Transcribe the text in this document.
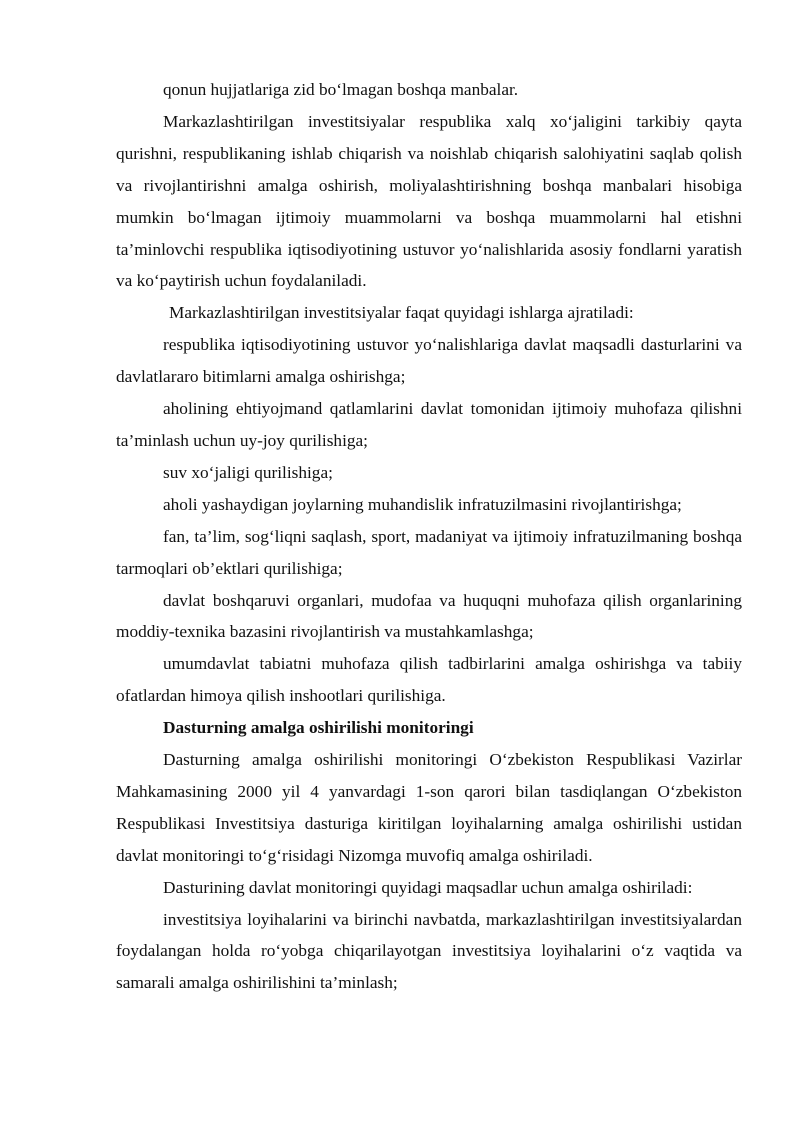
qonun hujjatlariga zid bo‘lmagan boshqa manbalar.

Markazlashtirilgan investitsiyalar respublika xalq xo‘jaligini tarkibiy qayta qurishni, respublikaning ishlab chiqarish va noishlab chiqarish salohiyatini saqlab qolish va rivojlantirishni amalga oshirish, moliyalashtirishning boshqa manbalari hisobiga mumkin bo‘lmagan ijtimoiy muammolarni va boshqa muammolarni hal etishni ta’minlovchi respublika iqtisodiyotining ustuvor yo‘nalishlarida asosiy fondlarni yaratish va ko‘paytirish uchun foydalaniladi.

Markazlashtirilgan investitsiyalar faqat quyidagi ishlarga ajratiladi:

respublika iqtisodiyotining ustuvor yo‘nalishlariga davlat maqsadli dasturlarini va davlatlararo bitimlarni amalga oshirishga;

aholining ehtiyojmand qatlamlarini davlat tomonidan ijtimoiy muhofaza qilishni ta’minlash uchun uy-joy qurilishiga;

suv xo‘jaligi qurilishiga;

aholi yashaydigan joylarning muhandislik infratuzilmasini rivojlantirishga;

fan, ta’lim, sog‘liqni saqlash, sport, madaniyat va ijtimoiy infratuzilmaning boshqa tarmoqlari ob’ektlari qurilishiga;

davlat boshqaruvi organlari, mudofaa va huquqni muhofaza qilish organlarining moddiy-texnika bazasini rivojlantirish va mustahkamlashga;

umumdavlat tabiatni muhofaza qilish tadbirlarini amalga oshirishga va tabiiy ofatlardan himoya qilish inshootlari qurilishiga.

Dasturning amalga oshirilishi monitoringi

Dasturning amalga oshirilishi monitoringi O‘zbekiston Respublikasi Vazirlar Mahkamasining 2000 yil 4 yanvardagi 1-son qarori bilan tasdiqlangan O‘zbekiston Respublikasi Investitsiya dasturiga kiritilgan loyihalarning amalga oshirilishi ustidan davlat monitoringi to‘g‘risidagi Nizomga muvofiq amalga oshiriladi.

Dasturining davlat monitoringi quyidagi maqsadlar uchun amalga oshiriladi:

investitsiya loyihalarini va birinchi navbatda, markazlashtirilgan investitsiyalardan foydalangan holda ro‘yobga chiqarilayotgan investitsiya loyihalarini o‘z vaqtida va samarali amalga oshirilishini ta’minlash;
